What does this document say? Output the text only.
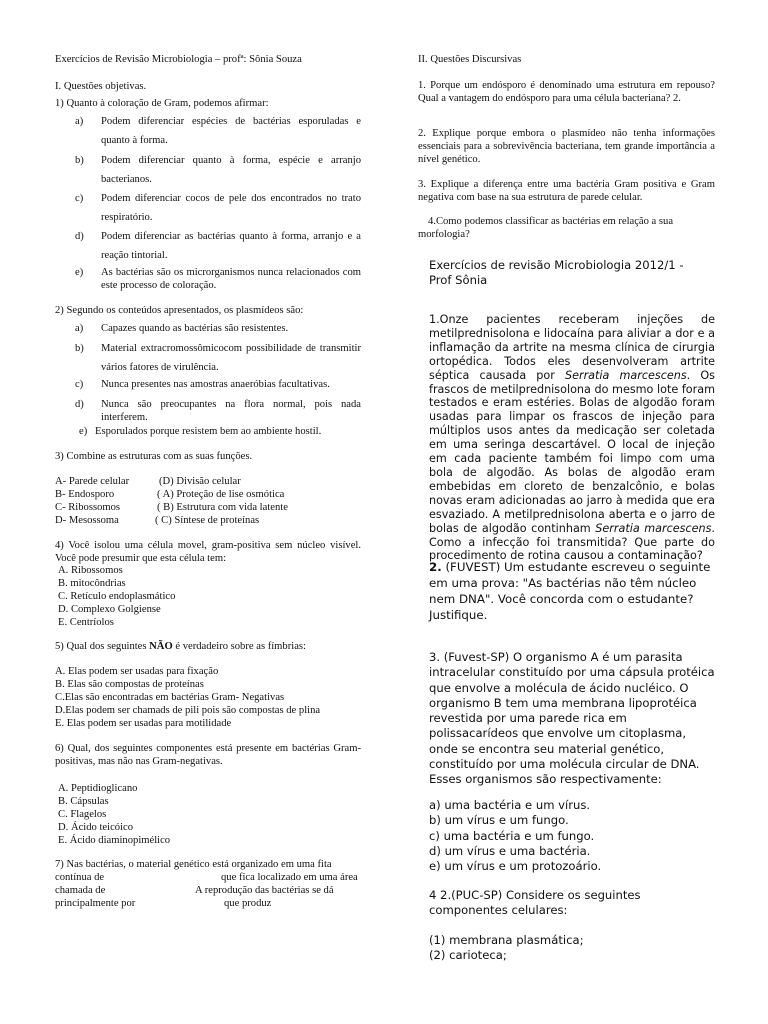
Exercícios de Revisão Microbiologia – profª: Sônia Souza

I. Questões objetivas.

1) Quanto à coloração de Gram, podemos afirmar:

a) Podem diferenciar espécies de bactérias esporuladas e quanto à forma.
b) Podem diferenciar quanto à forma, espécie e arranjo bacterianos.
c) Podem diferenciar cocos de pele dos encontrados no trato respiratório.
d) Podem diferenciar as bactérias quanto à forma, arranjo e a reação tintorial.
e) As bactérias são os microrganismos nunca relacionados com este processo de coloração.

2) Segundo os conteúdos apresentados, os plasmídeos são:

a) Capazes quando as bactérias são resistentes.
b) Material extracromossômicocom possibilidade de transmitir vários fatores de virulência.
c) Nunca presentes nas amostras anaeróbias facultativas.
d) Nunca são preocupantes na flora normal, pois nada interferem.
e) Esporulados porque resistem bem ao ambiente hostil.

3) Combine as estruturas com as suas funções.

A- Parede celular	(D) Divisão celular
B- Endosporo	( A) Proteção de lise osmótica
C- Ribossomos	( B) Estrutura com vida latente
D- Mesossoma	( C) Síntese de proteínas

4) Você isolou uma célula movel, gram-positiva sem núcleo visível. Você pode presumir que esta célula tem:

A. Ribossomos
B. mitocôndrias
C. Retículo endoplasmático
D. Complexo Golgiense
E. Centríolos

5) Qual dos seguintes NÃO é verdadeiro sobre as fímbrias:

A. Elas podem ser usadas para fixação
B. Elas são compostas de proteínas
C.Elas são encontradas em bactérias Gram- Negativas
D.Elas podem ser chamads de pili pois são compostas de plina
E. Elas podem ser usadas para motilidade

6) Qual, dos seguintes componentes está presente em bactérias Gram-positivas, mas não nas Gram-negativas.

A. Peptidioglicano
B. Cápsulas
C. Flagelos
D. Ácido teicóico
E. Ácido diaminopimélico

7) Nas bactérias, o material genético está organizado em uma fita

contínua de	que fica localizado em uma área
chamada de	A reprodução das bactérias se dá
principalmente por	que produz

II. Questões Discursivas

1. Porque um endósporo é denominado uma estrutura em repouso? Qual a vantagem do endósporo para uma célula bacteriana? 2.

2. Explique porque embora o plasmídeo não tenha informações essenciais para a sobrevivência bacteriana, tem grande importância a nível genético.

3. Explique a diferença entre uma bactéria Gram positiva e Gram negativa com base na sua estrutura de parede celular.

4.Como podemos classificar as bactérias em relação a sua morfologia?

Exercícios de revisão Microbiologia 2012/1 -
Prof Sônia

1.Onze pacientes receberam injeções de metilprednisolona e lidocaína para aliviar a dor e a inflamação da artrite na mesma clínica de cirurgia ortopédica. Todos eles desenvolveram artrite séptica causada por Serratia marcescens. Os frascos de metilprednisolona do mesmo lote foram testados e eram estéries. Bolas de algodão foram usadas para limpar os frascos de injeção para múltiplos usos antes da medicação ser coletada em uma seringa descartável. O local de injeção em cada paciente também foi limpo com uma bola de algodão. As bolas de algodão eram embebidas em cloreto de benzalcônio, e bolas novas eram adicionadas ao jarro à medida que era esvaziado. A metilprednisolona aberta e o jarro de bolas de algodão continham Serratia marcescens. Como a infecção foi transmitida? Que parte do procedimento de rotina causou a contaminação?

2. (FUVEST) Um estudante escreveu o seguinte em uma prova: "As bactérias não têm núcleo nem DNA". Você concorda com o estudante? Justifique.

3. (Fuvest-SP) O organismo A é um parasita intracelular constituído por uma cápsula protéica que envolve a molécula de ácido nucléico. O organismo B tem uma membrana lipoprotéica revestida por uma parede rica em polissacarídeos que envolve um citoplasma, onde se encontra seu material genético, constituído por uma molécula circular de DNA. Esses organismos são respectivamente:

a) uma bactéria e um vírus.
b) um vírus e um fungo.
c) uma bactéria e um fungo.
d) um vírus e uma bactéria.
e) um vírus e um protozoário.

4 2.(PUC-SP) Considere os seguintes componentes celulares:

(1) membrana plasmática;
(2) carioteca;
